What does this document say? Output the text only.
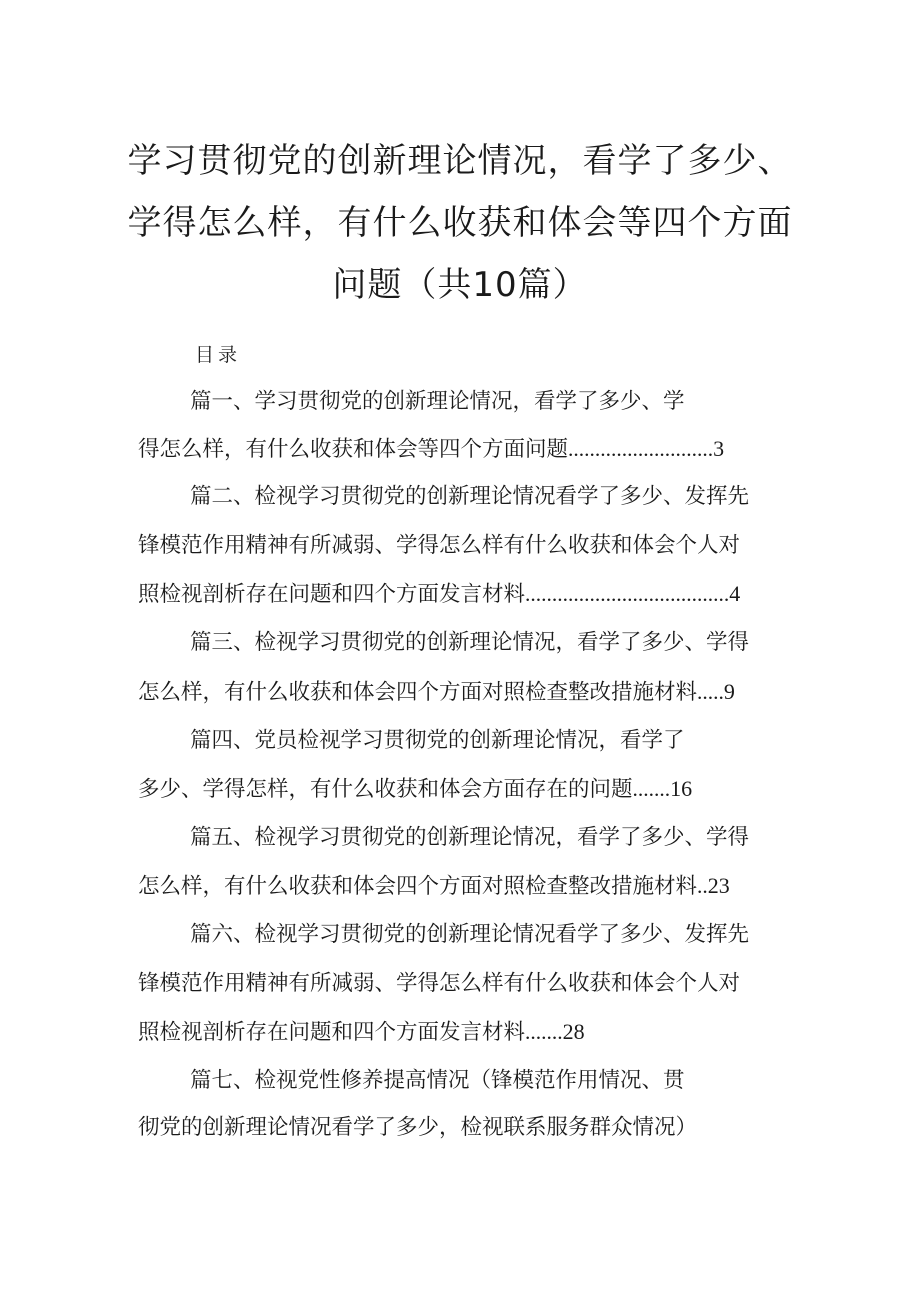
学习贯彻党的创新理论情况，看学了多少、
学得怎么样，有什么收获和体会等四个方面
问题（共10篇）
目录
篇一、学习贯彻党的创新理论情况，看学了多少、学
得怎么样，有什么收获和体会等四个方面问题...........................3
篇二、检视学习贯彻党的创新理论情况看学了多少、发挥先
锋模范作用精神有所减弱、学得怎么样有什么收获和体会个人对
照检视剖析存在问题和四个方面发言材料......................................4
篇三、检视学习贯彻党的创新理论情况，看学了多少、学得
怎么样，有什么收获和体会四个方面对照检查整改措施材料.....9
篇四、党员检视学习贯彻党的创新理论情况，看学了
多少、学得怎样，有什么收获和体会方面存在的问题.......16
篇五、检视学习贯彻党的创新理论情况，看学了多少、学得
怎么样，有什么收获和体会四个方面对照检查整改措施材料..23
篇六、检视学习贯彻党的创新理论情况看学了多少、发挥先
锋模范作用精神有所减弱、学得怎么样有什么收获和体会个人对
照检视剖析存在问题和四个方面发言材料.......28
篇七、检视党性修养提高情况（锋模范作用情况、贯
彻党的创新理论情况看学了多少，检视联系服务群众情况）
